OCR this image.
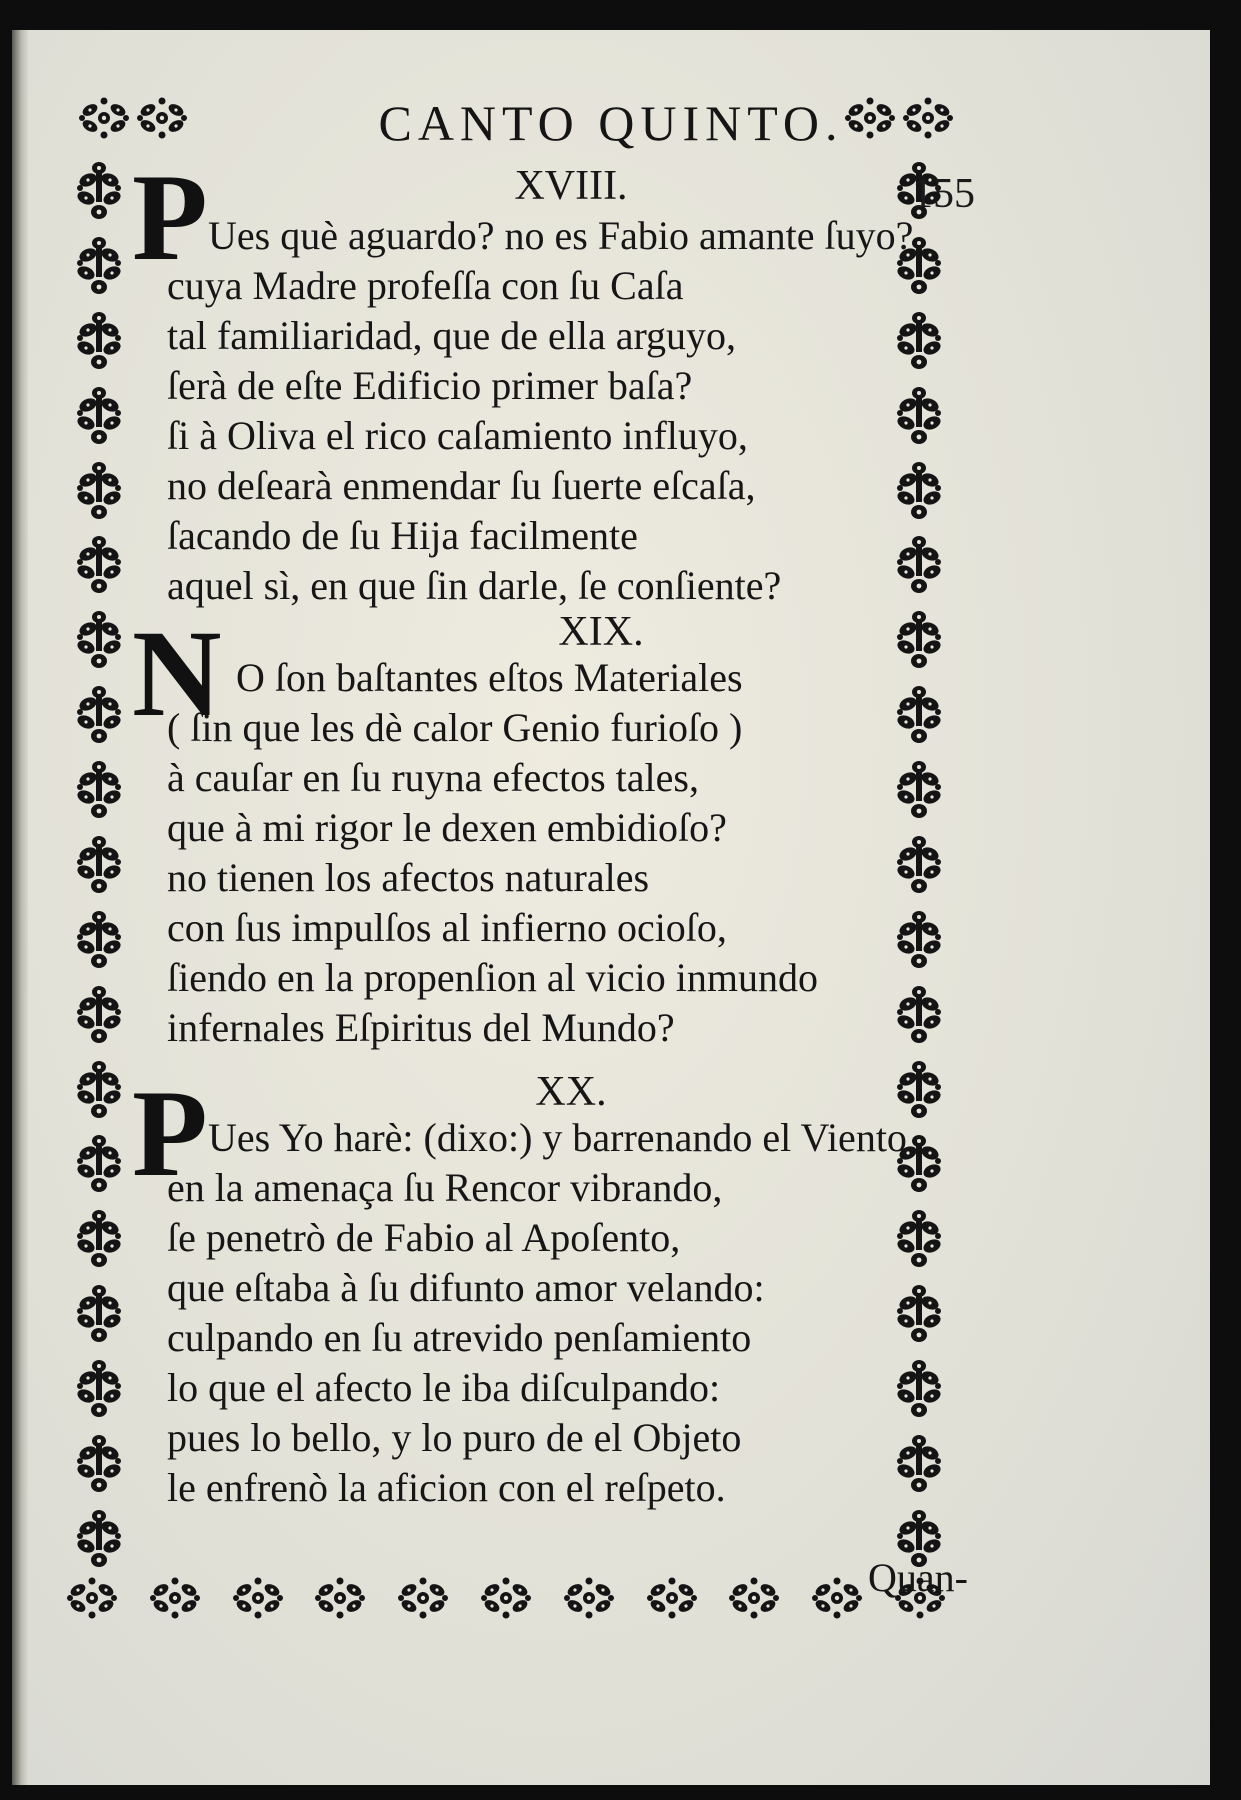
CANTO QUINTO.
155
XVIII.
P Ues què aguardo? no es Fabio amante ſuyo?
cuya Madre profeſſa con ſu Caſa
tal familiaridad, que de ella arguyo,
ſerà de eſte Edificio primer baſa?
ſi à Oliva el rico caſamiento influyo,
no deſearà enmendar ſu ſuerte eſcaſa,
ſacando de ſu Hija facilmente
aquel sì, en que ſin darle, ſe conſiente?
XIX.
N O ſon baſtantes eſtos Materiales
( ſin que les dè calor Genio furioſo )
à cauſar en ſu ruyna efectos tales,
que à mi rigor le dexen embidioſo?
no tienen los afectos naturales
con ſus impulſos al infierno ocioſo,
ſiendo en la propenſion al vicio inmundo
infernales Eſpiritus del Mundo?
XX.
P Ues Yo harè: (dixo:) y barrenando el Viento
en la amenaça ſu Rencor vibrando,
ſe penetrò de Fabio al Apoſento,
que eſtaba à ſu difunto amor velando:
culpando en ſu atrevido penſamiento
lo que el afecto le iba diſculpando:
pues lo bello, y lo puro de el Objeto
le enfrenò la aficion con el reſpeto.
Quan-
